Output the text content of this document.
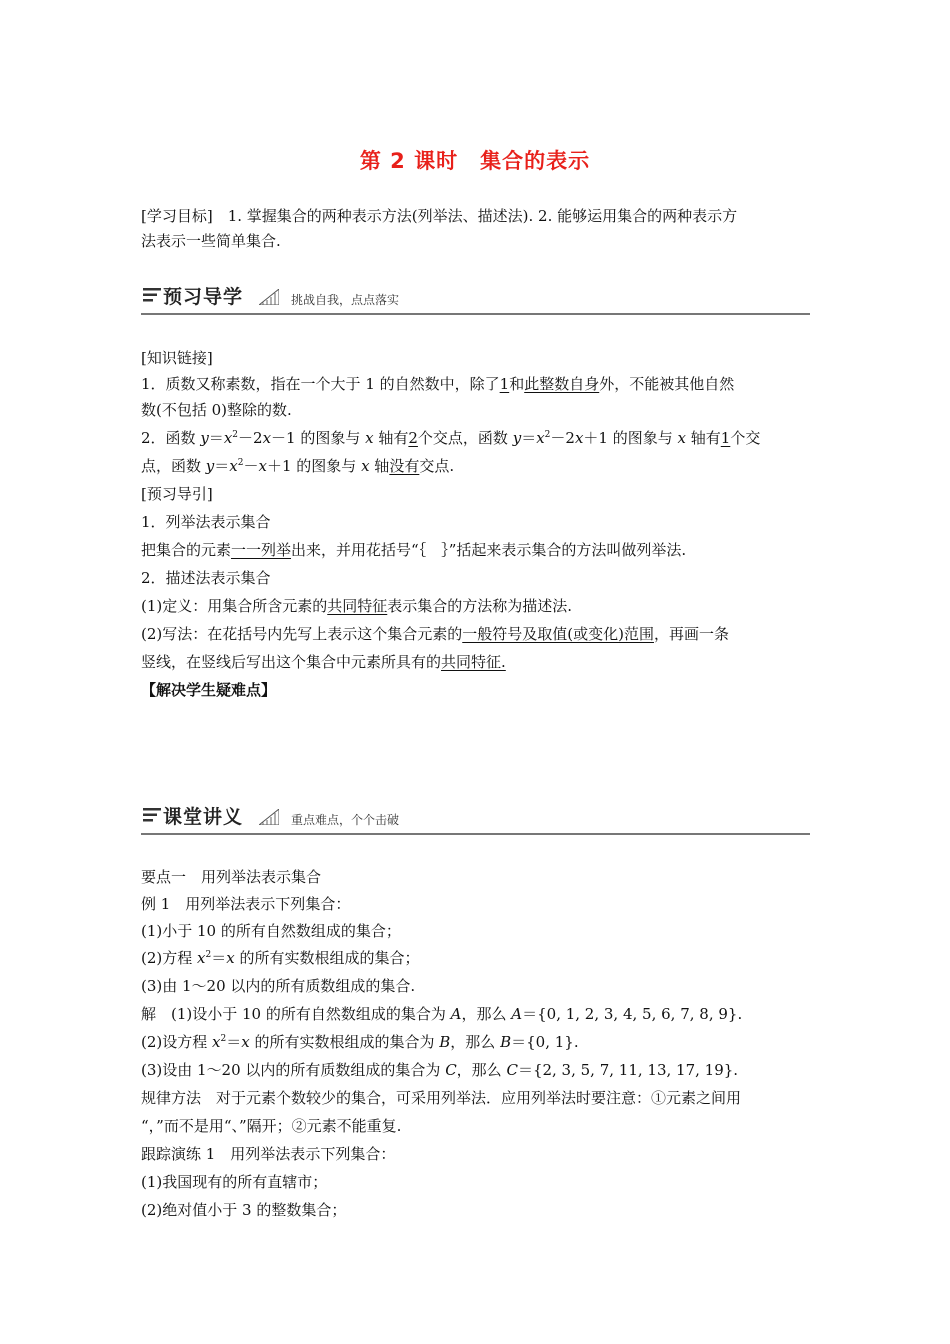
第 2 课时 集合的表示
[学习目标]　1. 掌握集合的两种表示方法(列举法、描述法). 2. 能够运用集合的两种表示方
法表示一些简单集合.
预习导学	挑战自我，点点落实
[知识链接]
1．质数又称素数，指在一个大于 1 的自然数中，除了1和此整数自身外，不能被其他自然
数(不包括 0)整除的数.
2．函数 $y=x^2-2x-1$ 的图象与 x 轴有2个交点，函数 $y=x^2-2x+1$ 的图象与 x 轴有1个交
点，函数 $y=x^2-x+1$ 的图象与 x 轴没有交点.
[预习导引]
1．列举法表示集合
把集合的元素一一列举出来，并用花括号“｛　｝”括起来表示集合的方法叫做列举法.
2．描述法表示集合
(1)定义：用集合所含元素的共同特征表示集合的方法称为描述法.
(2)写法：在花括号内先写上表示这个集合元素的一般符号及取值(或变化)范围，再画一条
竖线，在竖线后写出这个集合中元素所具有的共同特征.
【解决学生疑难点】
课堂讲义	重点难点，个个击破
要点一　用列举法表示集合
例 1　用列举法表示下列集合：
(1)小于 10 的所有自然数组成的集合；
(2)方程 $x^2=x$ 的所有实数根组成的集合；
(3)由 1～20 以内的所有质数组成的集合.
解　(1)设小于 10 的所有自然数组成的集合为 A，那么 A＝{0, 1, 2, 3, 4, 5, 6, 7, 8, 9}.
(2)设方程 $x^2=x$ 的所有实数根组成的集合为 B，那么 B＝{0, 1}.
(3)设由 1～20 以内的所有质数组成的集合为 C，那么 C＝{2, 3, 5, 7, 11, 13, 17, 19}.
规律方法　对于元素个数较少的集合，可采用列举法．应用列举法时要注意：①元素之间用
“，”而不是用“、”隔开；②元素不能重复.
跟踪演练 1　用列举法表示下列集合：
(1)我国现有的所有直辖市；
(2)绝对值小于 3 的整数集合；
